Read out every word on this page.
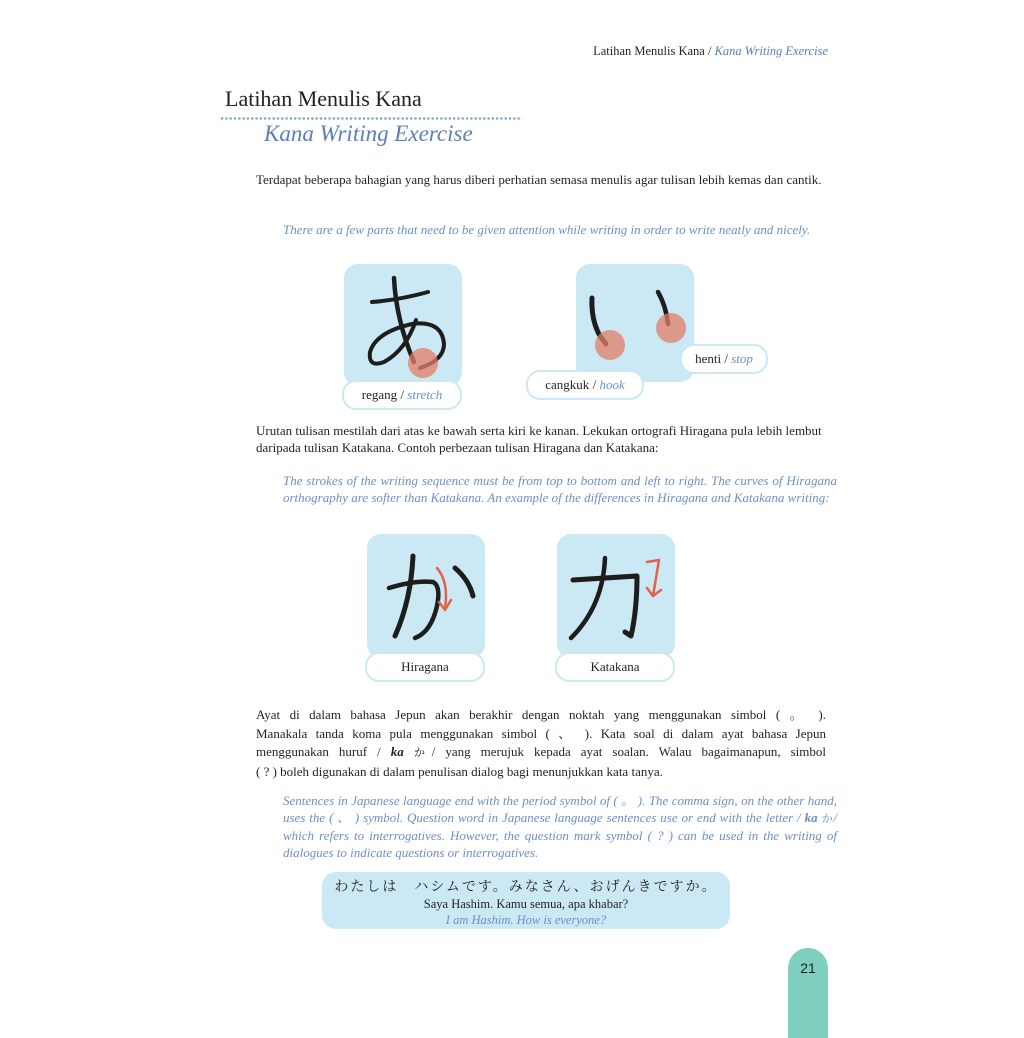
Latihan Menulis Kana / Kana Writing Exercise
Latihan Menulis Kana
Kana Writing Exercise
Terdapat beberapa bahagian yang harus diberi perhatian semasa menulis agar tulisan lebih kemas dan cantik.
There are a few parts that need to be given attention while writing in order to write neatly and nicely.
regang / stretch
cangkuk / hook
henti / stop
Urutan tulisan mestilah dari atas ke bawah serta kiri ke kanan. Lekukan ortografi Hiragana pula lebih lembut daripada tulisan Katakana. Contoh perbezaan tulisan Hiragana dan Katakana:
The strokes of the writing sequence must be from top to bottom and left to right. The curves of Hiragana orthography are softer than Katakana. An example of the differences in Hiragana and Katakana writing:
Hiragana	Katakana
Ayat di dalam bahasa Jepun akan berakhir dengan noktah yang menggunakan simbol ( 。 ).
Manakala tanda koma pula menggunakan simbol ( 、 ). Kata soal di dalam ayat bahasa Jepun
menggunakan huruf / ka か/ yang merujuk kepada ayat soalan. Walau bagaimanapun, simbol
( ? ) boleh digunakan di dalam penulisan dialog bagi menunjukkan kata tanya.
Sentences in Japanese language end with the period symbol of ( 。 ). The comma sign, on the other hand, uses the ( 、 ) symbol. Question word in Japanese language sentences use or end with the letter / ka か/ which refers to interrogatives. However, the question mark symbol ( ? ) can be used in the writing of dialogues to indicate questions or interrogatives.
わたしは　ハシムです。みなさん、おげんきですか。
Saya Hashim. Kamu semua, apa khabar?
I am Hashim. How is everyone?
21
